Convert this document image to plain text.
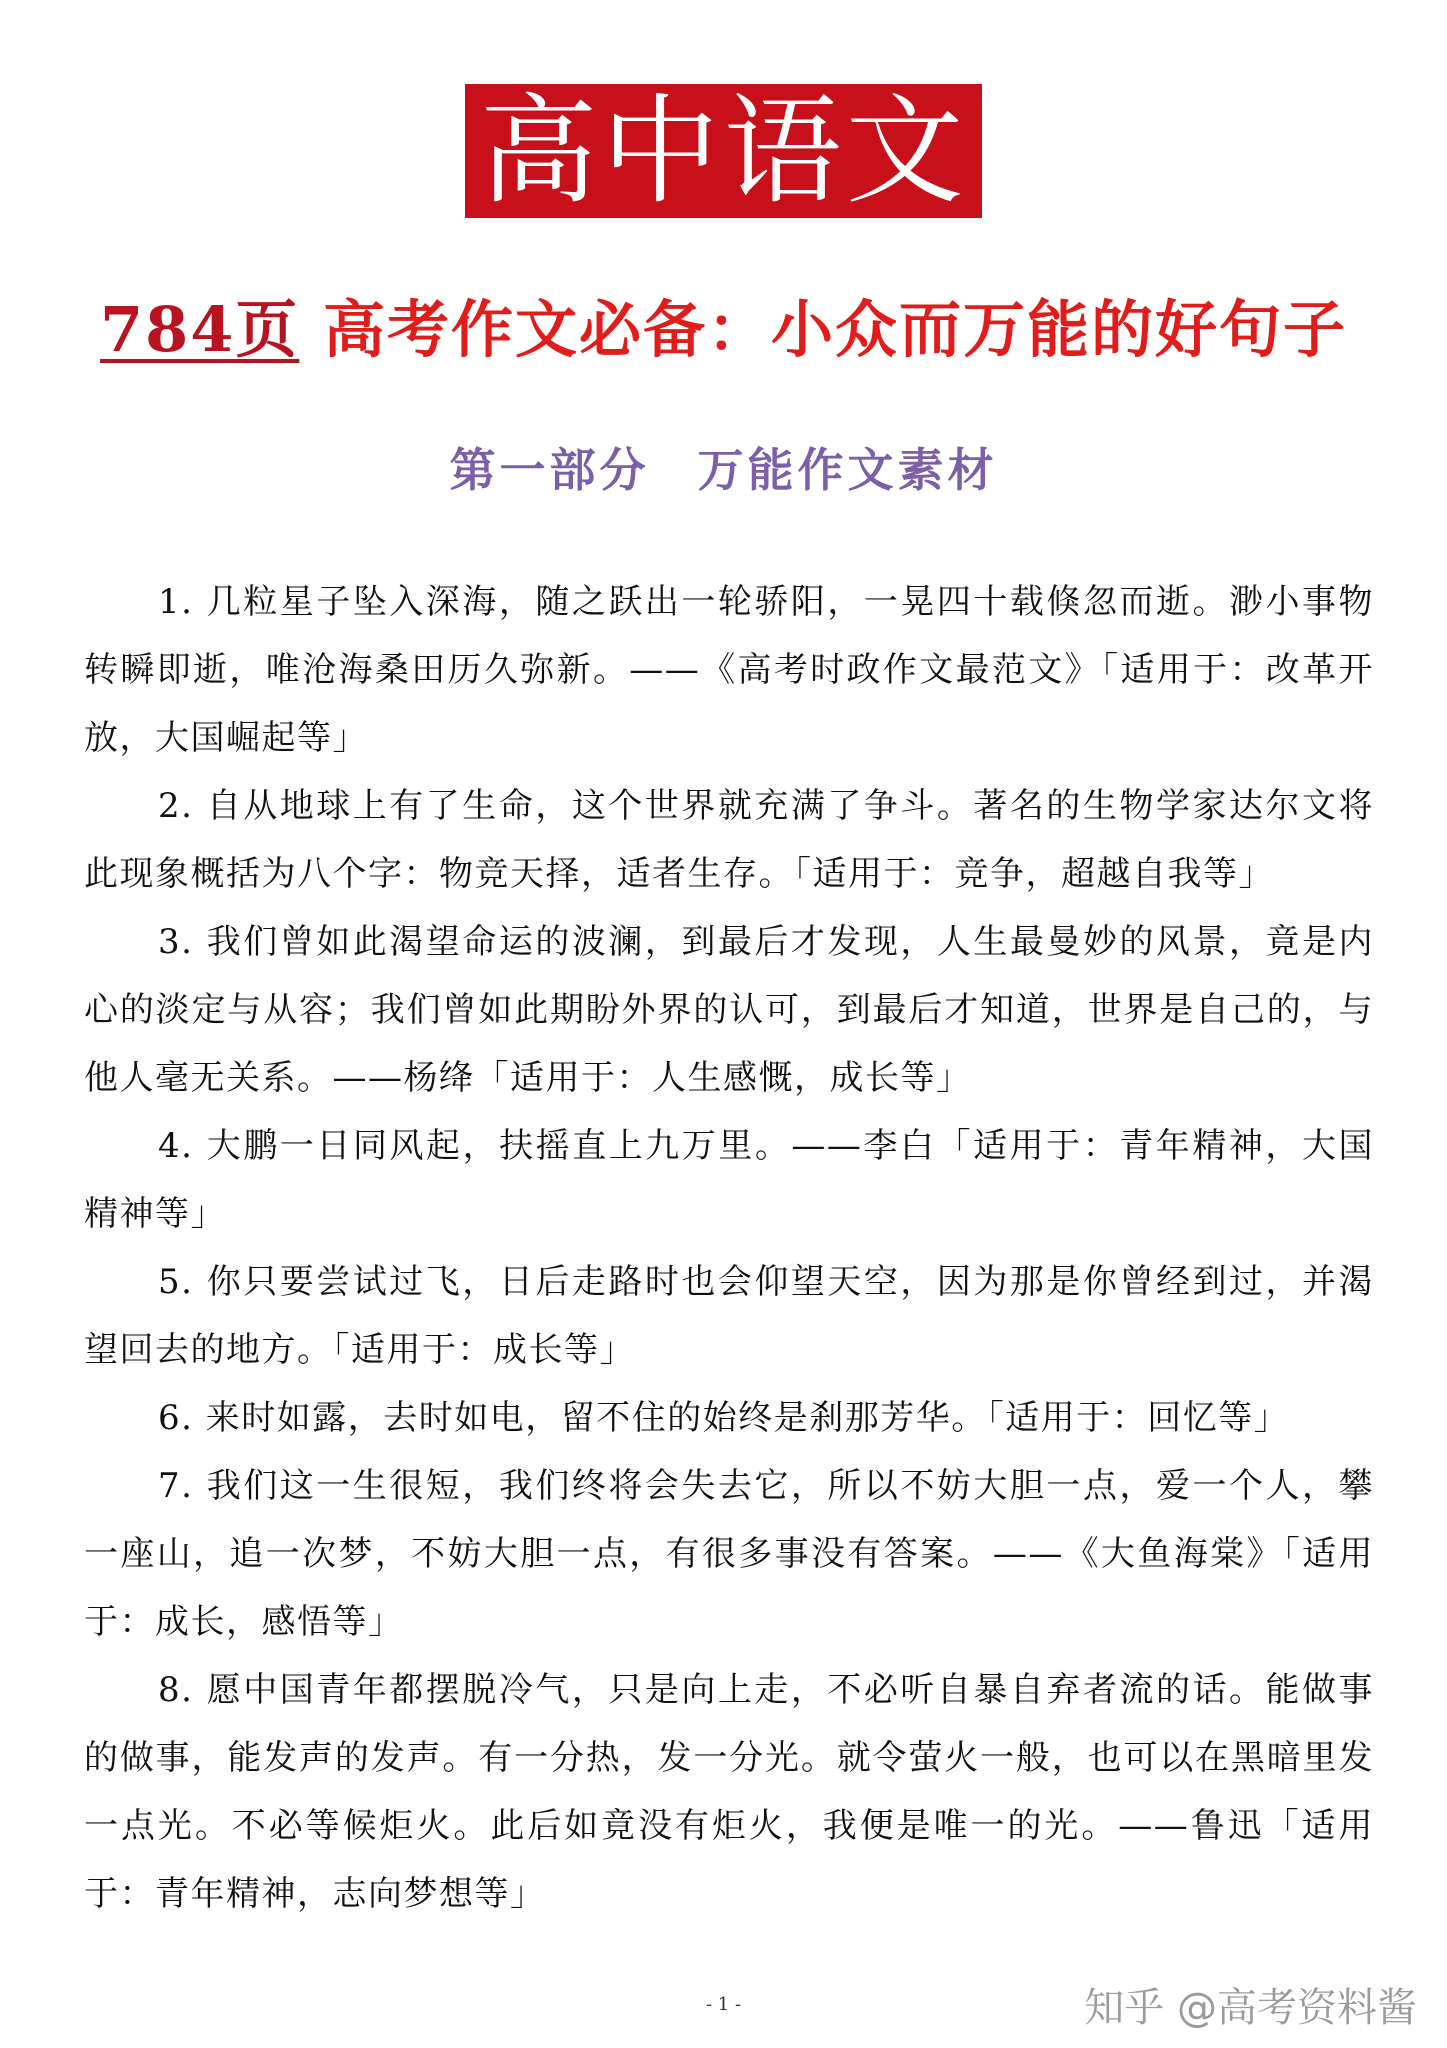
高中语文
784页 高考作文必备：小众而万能的好句子
第一部分 万能作文素材

1. 几粒星子坠入深海，随之跃出一轮骄阳，一晃四十载倏忽而逝。渺小事物转瞬即逝，唯沧海桑田历久弥新。——《高考时政作文最范文》「适用于：改革开放，大国崛起等」

2. 自从地球上有了生命，这个世界就充满了争斗。著名的生物学家达尔文将此现象概括为八个字：物竞天择，适者生存。「适用于：竞争，超越自我等」

3. 我们曾如此渴望命运的波澜，到最后才发现，人生最曼妙的风景，竟是内心的淡定与从容；我们曾如此期盼外界的认可，到最后才知道，世界是自己的，与他人毫无关系。——杨绛「适用于：人生感慨，成长等」

4. 大鹏一日同风起，扶摇直上九万里。——李白「适用于：青年精神，大国精神等」

5. 你只要尝试过飞，日后走路时也会仰望天空，因为那是你曾经到过，并渴望回去的地方。「适用于：成长等」

6. 来时如露，去时如电，留不住的始终是刹那芳华。「适用于：回忆等」

7. 我们这一生很短，我们终将会失去它，所以不妨大胆一点，爱一个人，攀一座山，追一次梦，不妨大胆一点，有很多事没有答案。——《大鱼海棠》「适用于：成长，感悟等」

8. 愿中国青年都摆脱冷气，只是向上走，不必听自暴自弃者流的话。能做事的做事，能发声的发声。有一分热，发一分光。就令萤火一般，也可以在黑暗里发一点光。不必等候炬火。此后如竟没有炬火，我便是唯一的光。——鲁迅「适用于：青年精神，志向梦想等」

- 1 -	知乎 @高考资料酱
